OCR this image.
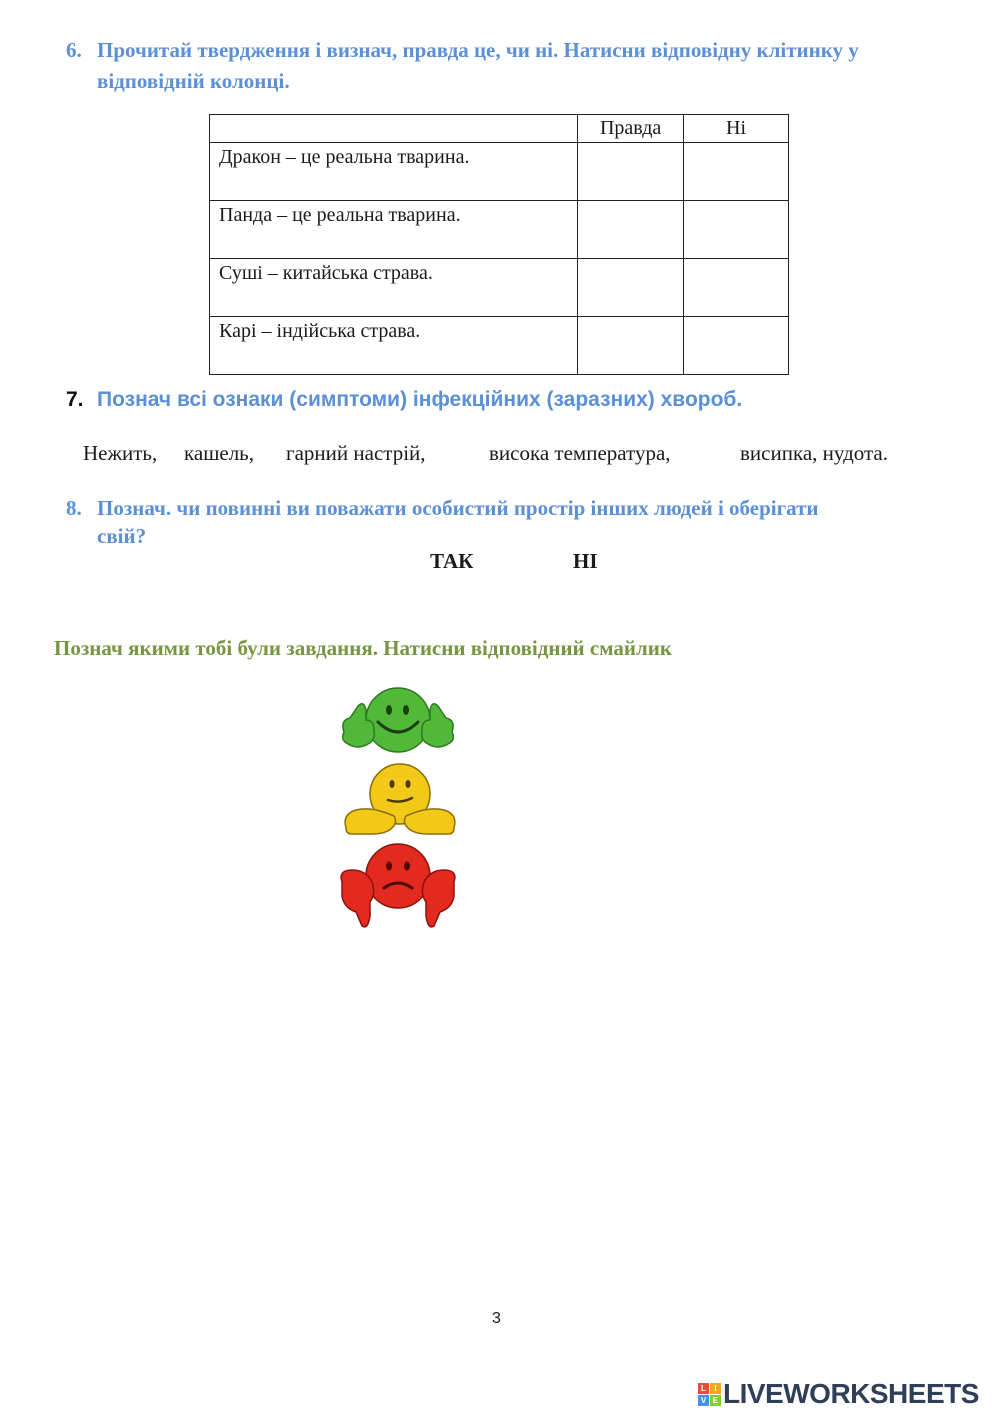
6. Прочитай твердження і визнач, правда це, чи ні. Натисни відповідну клітинку у
відповідній колонці.
	Правда	Ні
Дракон – це реальна тварина.		
Панда – це реальна тварина.		
Суші – китайська страва.		
Карі – індійська страва.		
7. Познач всі ознаки (симптоми) інфекційних (заразних) хвороб.
Нежить, кашель, гарний настрій,	висока температура,	висипка, нудота.
8. Познач. чи повинні ви поважати особистий простір інших людей і оберігати
свій?
ТАК	НІ
Познач якими тобі були завдання. Натисни відповідний смайлик
3
L	I
V E LIVEWORKSHEETS
